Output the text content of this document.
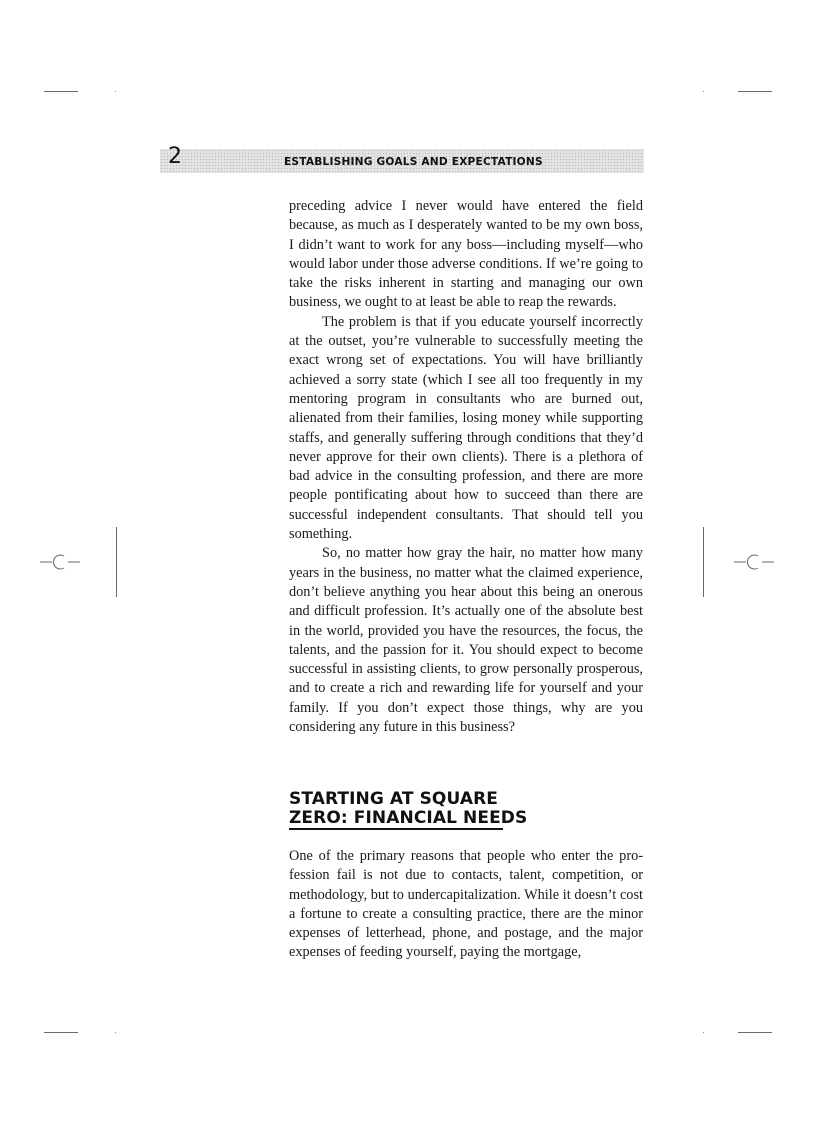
2	ESTABLISHING GOALS AND EXPECTATIONS

preceding advice I never would have entered the field because, as much as I desperately wanted to be my own boss, I didn’t want to work for any boss—including myself—who would labor under those adverse conditions. If we’re going to take the risks inherent in starting and managing our own business, we ought to at least be able to reap the rewards.

The problem is that if you educate yourself incorrectly at the outset, you’re vulnerable to successfully meeting the exact wrong set of expectations. You will have brilliantly achieved a sorry state (which I see all too frequently in my mentoring program in consultants who are burned out, alienated from their families, losing money while supporting staffs, and generally suffering through conditions that they’d never approve for their own clients). There is a plethora of bad advice in the consulting profession, and there are more people pontificating about how to succeed than there are successful independent consultants. That should tell you something.

So, no matter how gray the hair, no matter how many years in the business, no matter what the claimed experience, don’t believe anything you hear about this being an onerous and difficult profession. It’s actually one of the absolute best in the world, provided you have the resources, the focus, the talents, and the passion for it. You should expect to become successful in assisting clients, to grow personally prosperous, and to create a rich and rewarding life for yourself and your family. If you don’t expect those things, why are you considering any future in this business?

STARTING AT SQUARE
ZERO: FINANCIAL NEEDS

One of the primary reasons that people who enter the profession fail is not due to contacts, talent, competition, or methodology, but to undercapitalization. While it doesn’t cost a fortune to create a consulting practice, there are the minor expenses of letterhead, phone, and postage, and the major expenses of feeding yourself, paying the mortgage,
